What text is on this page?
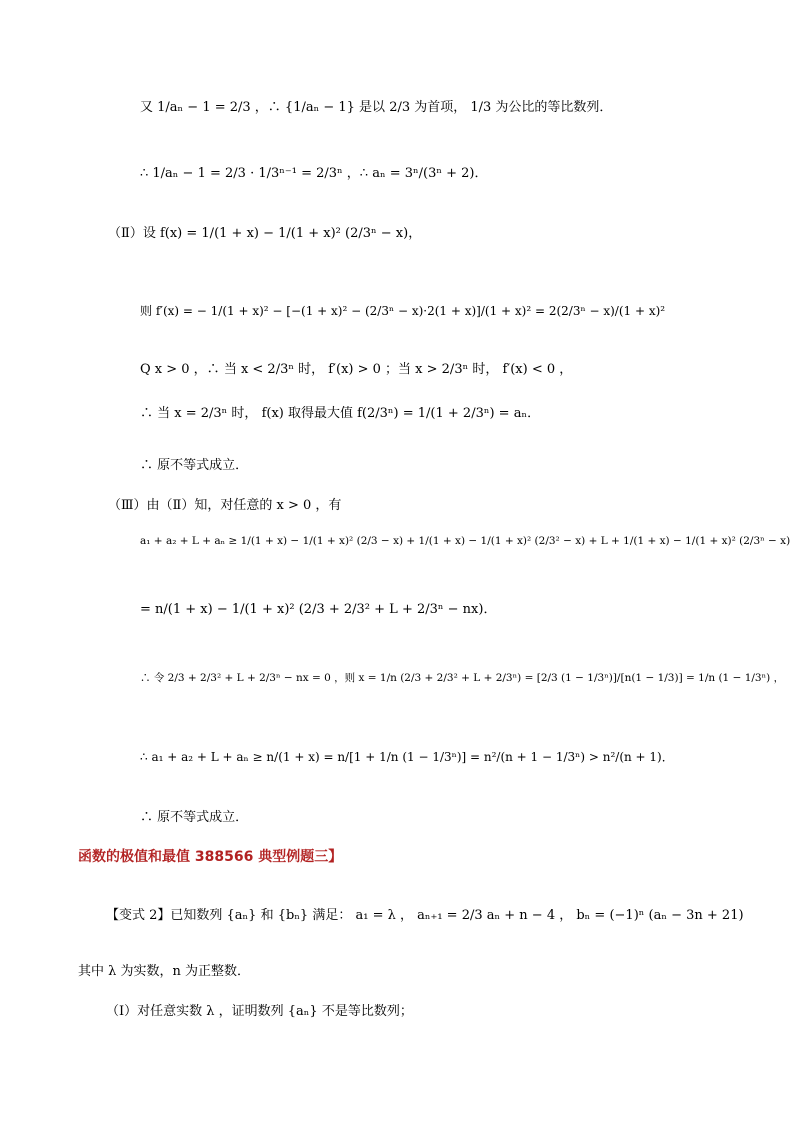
又 1/aₙ − 1 = 2/3 ，∴ {1/aₙ − 1} 是以 2/3 为首项， 1/3 为公比的等比数列．
∴ 1/aₙ − 1 = 2/3 · 1/3ⁿ⁻¹ = 2/3ⁿ ，∴ aₙ = 3ⁿ/(3ⁿ + 2)．
（Ⅱ）设 f(x) = 1/(1 + x) − 1/(1 + x)² (2/3ⁿ − x)，
则 f′(x) = − 1/(1 + x)² − [−(1 + x)² − (2/3ⁿ − x)·2(1 + x)]/(1 + x)² = 2(2/3ⁿ − x)/(1 + x)²
Q x > 0 ，∴ 当 x < 2/3ⁿ 时， f′(x) > 0 ；当 x > 2/3ⁿ 时， f′(x) < 0 ，
∴ 当 x = 2/3ⁿ 时， f(x) 取得最大值 f(2/3ⁿ) = 1/(1 + 2/3ⁿ) = aₙ．
∴ 原不等式成立．
（Ⅲ）由（Ⅱ）知，对任意的 x > 0 ，有
a₁ + a₂ + L + aₙ ≥ 1/(1 + x) − 1/(1 + x)² (2/3 − x) + 1/(1 + x) − 1/(1 + x)² (2/3² − x) + L + 1/(1 + x) − 1/(1 + x)² (2/3ⁿ − x)
= n/(1 + x) − 1/(1 + x)² (2/3 + 2/3² + L + 2/3ⁿ − nx)．
∴ 令 2/3 + 2/3² + L + 2/3ⁿ − nx = 0 ，则 x = 1/n (2/3 + 2/3² + L + 2/3ⁿ) = [2/3 (1 − 1/3ⁿ)]/[n(1 − 1/3)] = 1/n (1 − 1/3ⁿ) ，
∴ a₁ + a₂ + L + aₙ ≥ n/(1 + x) = n/[1 + 1/n (1 − 1/3ⁿ)] = n²/(n + 1 − 1/3ⁿ) > n²/(n + 1)．
∴ 原不等式成立．
函数的极值和最值 388566 典型例题三】
【变式 2】已知数列 {aₙ} 和 {bₙ} 满足： a₁ = λ ， aₙ₊₁ = 2/3 aₙ + n − 4 ， bₙ = (−1)ⁿ (aₙ − 3n + 21)
其中 λ 为实数，n 为正整数．
（Ⅰ）对任意实数 λ ，证明数列 {aₙ} 不是等比数列；
